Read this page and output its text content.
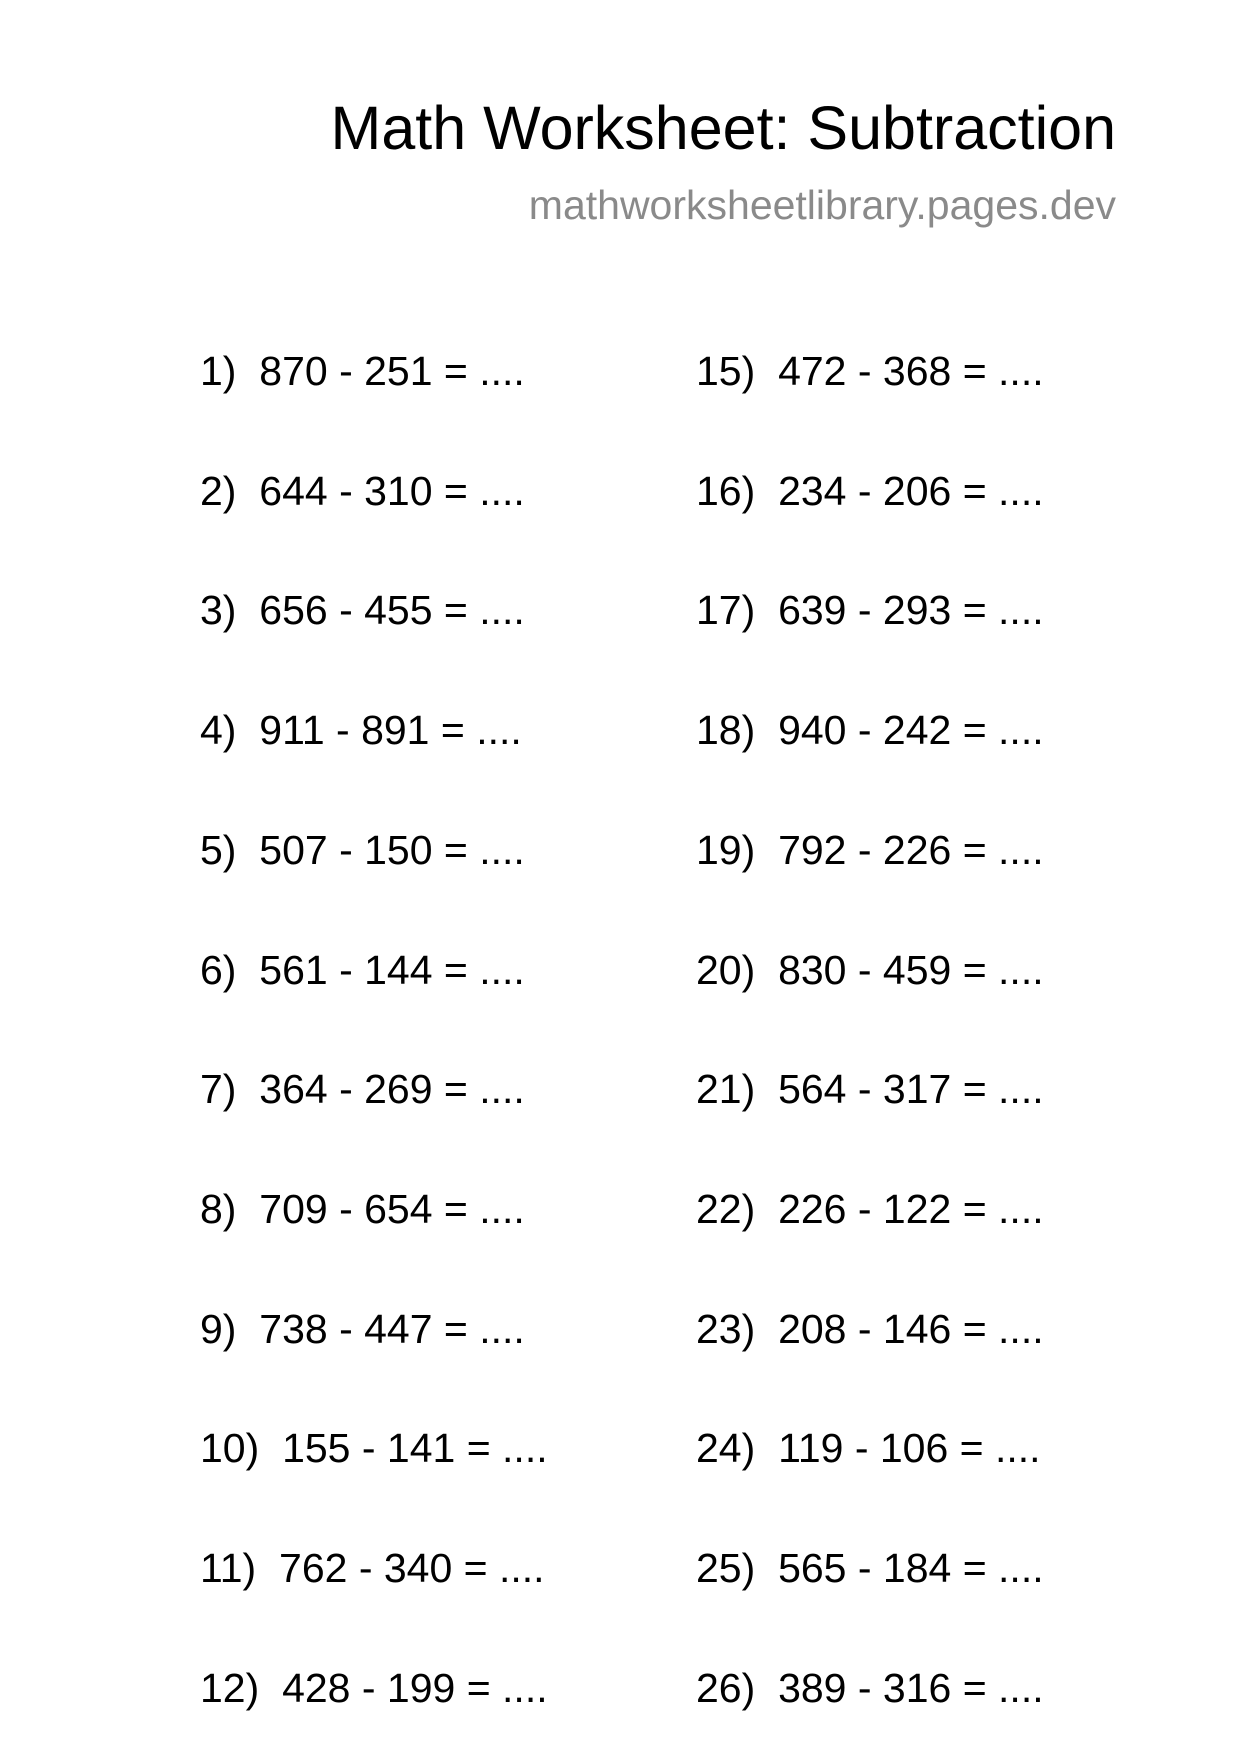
Math Worksheet: Subtraction
mathworksheetlibrary.pages.dev
1) 870 - 251 = ....
2) 644 - 310 = ....
3) 656 - 455 = ....
4) 911 - 891 = ....
5) 507 - 150 = ....
6) 561 - 144 = ....
7) 364 - 269 = ....
8) 709 - 654 = ....
9) 738 - 447 = ....
10) 155 - 141 = ....
11) 762 - 340 = ....
12) 428 - 199 = ....
15) 472 - 368 = ....
16) 234 - 206 = ....
17) 639 - 293 = ....
18) 940 - 242 = ....
19) 792 - 226 = ....
20) 830 - 459 = ....
21) 564 - 317 = ....
22) 226 - 122 = ....
23) 208 - 146 = ....
24) 119 - 106 = ....
25) 565 - 184 = ....
26) 389 - 316 = ....
